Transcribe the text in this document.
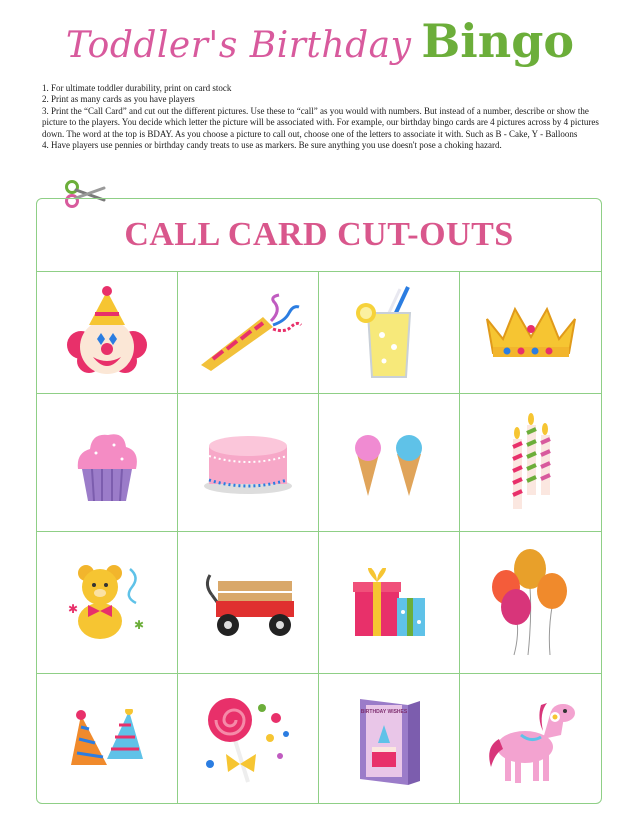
Toddler's Birthday Bingo
1. For ultimate toddler durability, print on card stock
2. Print as many cards as you have players
3. Print the “Call Card” and cut out the different pictures. Use these to “call” as you would with numbers. But instead of a number, describe or show the picture to the players. You decide which letter the picture will be associated with. For example, our birthday bingo cards are 4 pictures across by 4 pictures down. The word at the top is BDAY. As you choose a picture to call out, choose one of the letters to associate it with. Such as B - Cake, Y - Balloons
4. Have players use pennies or birthday candy treats to use as markers. Be sure anything you use doesn't pose a choking hazard.
CALL CARD CUT-OUTS
✱
✱
BIRTHDAY WISHES
